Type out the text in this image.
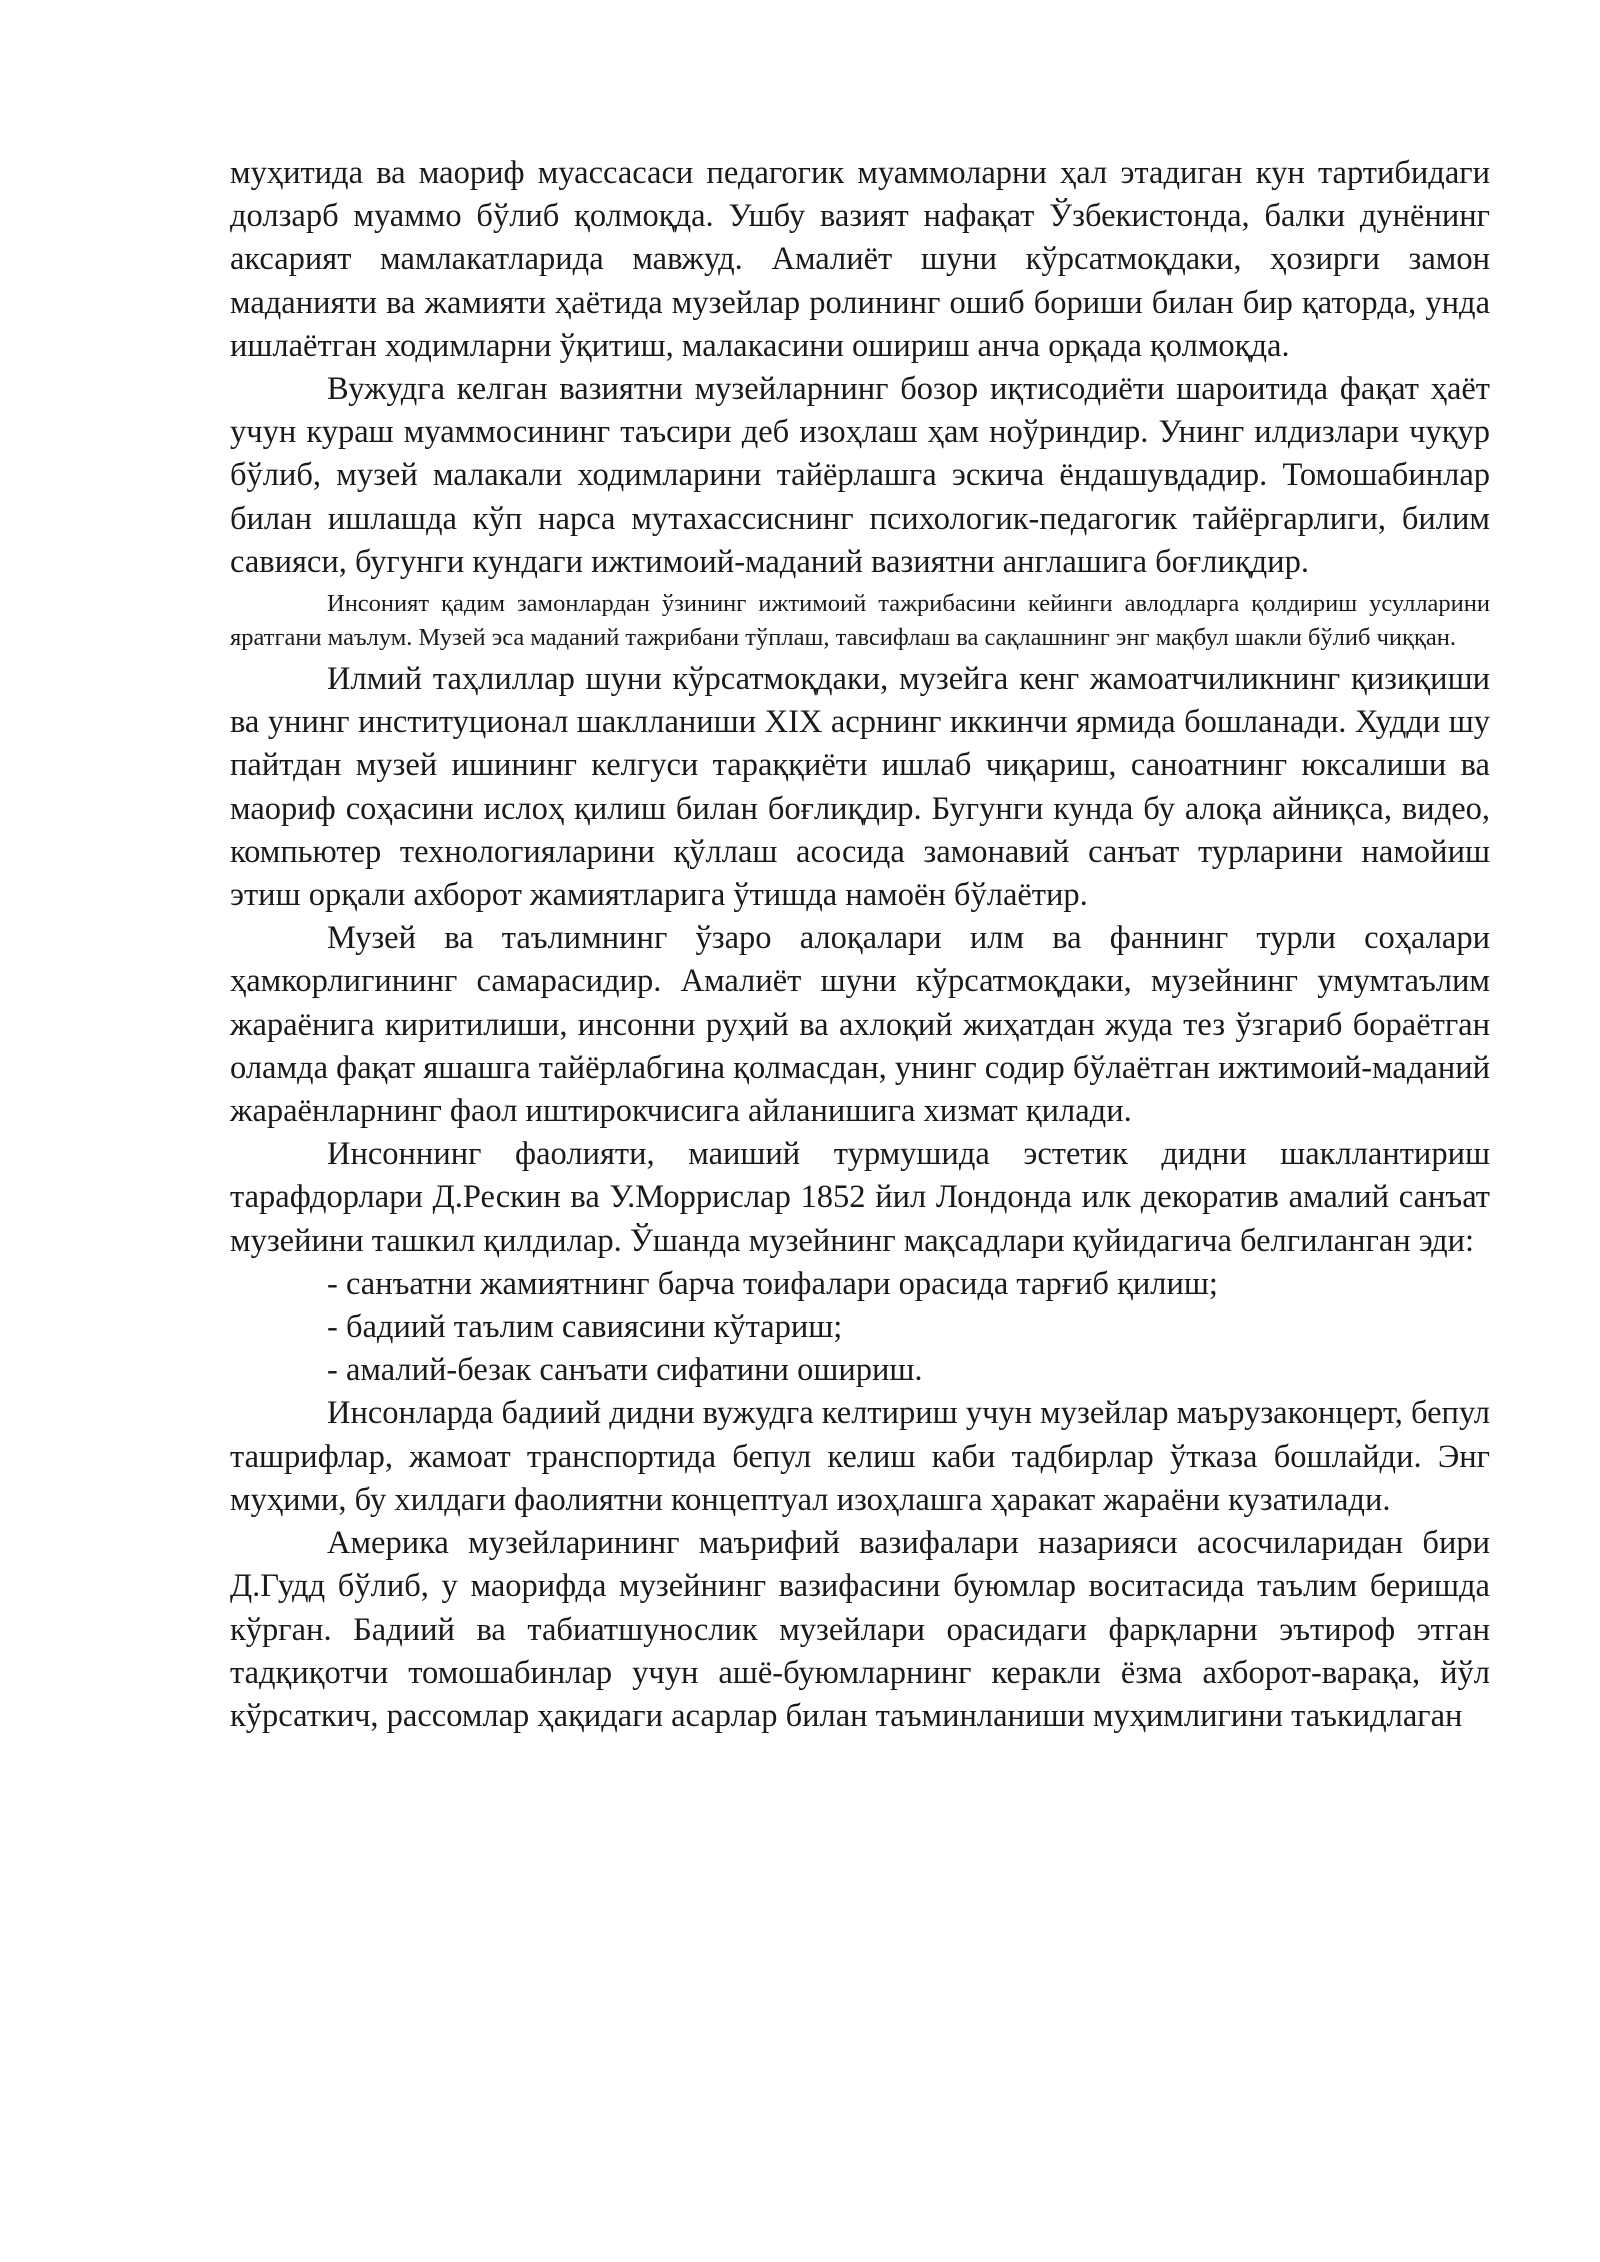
муҳитида ва маориф муассасаси педагогик муаммоларни ҳал этадиган кун тартибидаги долзарб муаммо бўлиб қолмоқда. Ушбу вазият нафақат Ўзбекистонда, балки дунёнинг аксарият мамлакатларида мавжуд. Амалиёт шуни кўрсатмоқдаки, ҳозирги замон маданияти ва жамияти ҳаётида музейлар ролининг ошиб бориши билан бир қаторда, унда ишлаётган ходимларни ўқитиш, малакасини ошириш анча орқада қолмоқда.

Вужудга келган вазиятни музейларнинг бозор иқтисодиёти шароитида фақат ҳаёт учун кураш муаммосининг таъсири деб изоҳлаш ҳам ноўриндир. Унинг илдизлари чуқур бўлиб, музей малакали ходимларини тайёрлашга эскича ёндашувдадир. Томошабинлар билан ишлашда кўп нарса мутахассиснинг психологик-педагогик тайёргарлиги, билим савияси, бугунги кундаги ижтимоий-маданий вазиятни англашига боғлиқдир.

Инсоният қадим замонлардан ўзининг ижтимоий тажрибасини кейинги авлодларга қолдириш усулларини яратгани маълум. Музей эса маданий тажрибани тўплаш, тавсифлаш ва сақлашнинг энг мақбул шакли бўлиб чиққан.

Илмий таҳлиллар шуни кўрсатмоқдаки, музейга кенг жамоатчиликнинг қизиқиши ва унинг институционал шаклланиши XIX асрнинг иккинчи ярмида бошланади. Худди шу пайтдан музей ишининг келгуси тараққиёти ишлаб чиқариш, саноатнинг юксалиши ва маориф соҳасини ислоҳ қилиш билан боғлиқдир. Бугунги кунда бу алоқа айниқса, видео, компьютер технологияларини қўллаш асосида замонавий санъат турларини намойиш этиш орқали ахборот жамиятларига ўтишда намоён бўлаётир.

Музей ва таълимнинг ўзаро алоқалари илм ва фаннинг турли соҳалари ҳамкорлигининг самарасидир. Амалиёт шуни кўрсатмоқдаки, музейнинг умумтаълим жараёнига киритилиши, инсонни руҳий ва ахлоқий жиҳатдан жуда тез ўзгариб бораётган оламда фақат яшашга тайёрлабгина қолмасдан, унинг содир бўлаётган ижтимоий-маданий жараёнларнинг фаол иштирокчисига айланишига хизмат қилади.

Инсоннинг фаолияти, маиший турмушида эстетик дидни шакллантириш тарафдорлари Д.Рескин ва У.Моррислар 1852 йил Лондонда илк декоратив амалий санъат музейини ташкил қилдилар. Ўшанда музейнинг мақсадлари қуйидагича белгиланган эди:

- санъатни жамиятнинг барча тоифалари орасида тарғиб қилиш;

- бадиий таълим савиясини кўтариш;

- амалий-безак санъати сифатини ошириш.

Инсонларда бадиий дидни вужудга келтириш учун музейлар маърузаконцерт, бепул ташрифлар, жамоат транспортида бепул келиш каби тадбирлар ўтказа бошлайди. Энг муҳими, бу хилдаги фаолиятни концептуал изоҳлашга ҳаракат жараёни кузатилади.

Америка музейларининг маърифий вазифалари назарияси асосчиларидан бири Д.Гудд бўлиб, у маорифда музейнинг вазифасини буюмлар воситасида таълим беришда кўрган. Бадиий ва табиатшунослик музейлари орасидаги фарқларни эътироф этган тадқиқотчи томошабинлар учун ашё-буюмларнинг керакли ёзма ахборот-варақа, йўл кўрсаткич, рассомлар ҳақидаги асарлар билан таъминланиши муҳимлигини таъкидлаган
